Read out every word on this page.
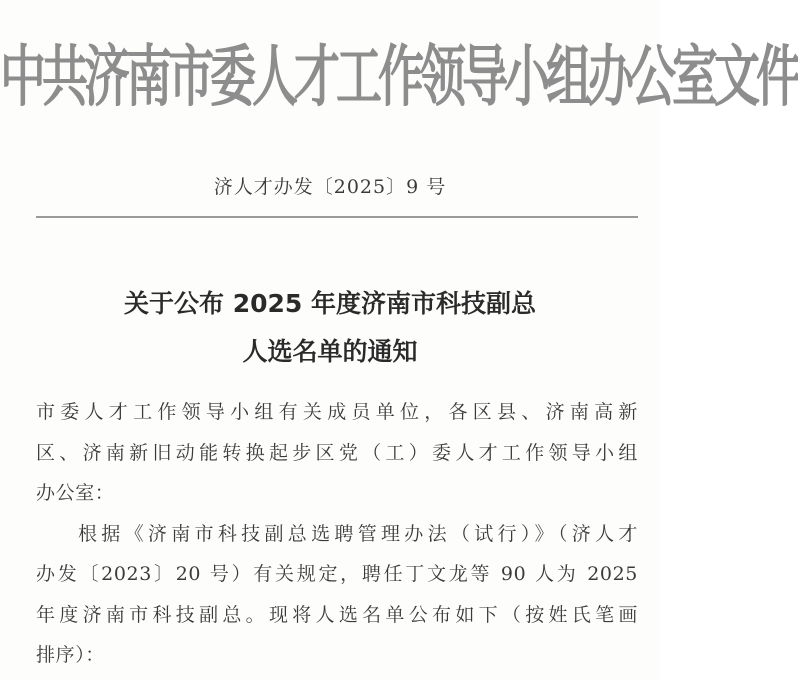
中共济南市委人才工作领导小组办公室文件
济人才办发〔2025〕9 号
关于公布 2025 年度济南市科技副总
人选名单的通知
市委人才工作领导小组有关成员单位，各区县、济南高新
区、济南新旧动能转换起步区党（工）委人才工作领导小组
办公室：
根据《济南市科技副总选聘管理办法（试行）》（济人才
办发〔2023〕20 号）有关规定，聘任丁文龙等 90 人为 2025
年度济南市科技副总。现将人选名单公布如下（按姓氏笔画
排序）：
